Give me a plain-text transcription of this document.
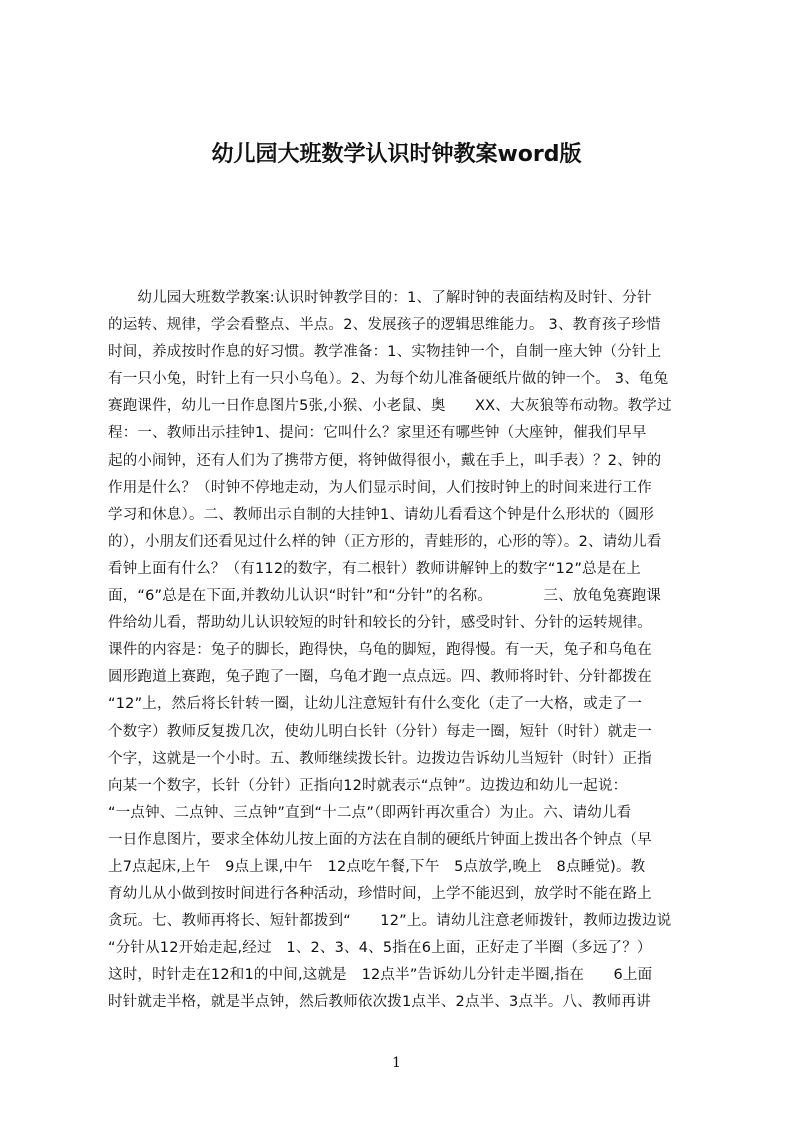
幼儿园大班数学认识时钟教案word版
　　幼儿园大班数学教案:认识时钟教学目的：1、了解时钟的表面结构及时针、分针
的运转、规律，学会看整点、半点。2、发展孩子的逻辑思维能力。 3、教育孩子珍惜
时间，养成按时作息的好习惯。教学准备：1、实物挂钟一个，自制一座大钟（分针上
有一只小兔，时针上有一只小乌龟）。2、为每个幼儿准备硬纸片做的钟一个。 3、龟兔
赛跑课件，幼儿一日作息图片5张,小猴、小老鼠、奥　　XX、大灰狼等布动物。教学过
程：一、教师出示挂钟1、提问：它叫什么？家里还有哪些钟（大座钟，催我们早早
起的小闹钟，还有人们为了携带方便，将钟做得很小，戴在手上，叫手表）？2、钟的
作用是什么？（时钟不停地走动，为人们显示时间，人们按时钟上的时间来进行工作
学习和休息）。二、教师出示自制的大挂钟1、请幼儿看看这个钟是什么形状的（圆形
的），小朋友们还看见过什么样的钟（正方形的，青蛙形的，心形的等）。2、请幼儿看
看钟上面有什么？（有112的数字，有二根针）教师讲解钟上的数字“12”总是在上
面，“6”总是在下面,并教幼儿认识“时针”和“分针”的名称。　　　　三、放龟兔赛跑课
件给幼儿看，帮助幼儿认识较短的时针和较长的分针，感受时针、分针的运转规律。
课件的内容是：兔子的脚长，跑得快，乌龟的脚短，跑得慢。有一天，兔子和乌龟在
圆形跑道上赛跑，兔子跑了一圈，乌龟才跑一点点远。四、教师将时针、分针都拨在
“12”上，然后将长针转一圈，让幼儿注意短针有什么变化（走了一大格，或走了一
个数字）教师反复拨几次，使幼儿明白长针（分针）每走一圈，短针（时针）就走一
个字，这就是一个小时。五、教师继续拨长针。边拨边告诉幼儿当短针（时针）正指
向某一个数字，长针（分针）正指向12时就表示“点钟”。边拨边和幼儿一起说：
“一点钟、二点钟、三点钟”直到“十二点”（即两针再次重合）为止。六、请幼儿看
一日作息图片，要求全体幼儿按上面的方法在自制的硬纸片钟面上拨出各个钟点（早
上7点起床,上午　9点上课,中午　12点吃午餐,下午　5点放学,晚上　8点睡觉)。教
育幼儿从小做到按时间进行各种活动，珍惜时间，上学不能迟到，放学时不能在路上
贪玩。七、教师再将长、短针都拨到“　　12”上。请幼儿注意老师拨针，教师边拨边说
“分针从12开始走起,经过　1、2、3、4、5指在6上面，正好走了半圈（多远了？）
这时，时针走在12和1的中间,这就是　12点半”告诉幼儿分针走半圈,指在　　6上面
时针就走半格，就是半点钟，然后教师依次拨1点半、2点半、3点半。八、教师再讲
1
